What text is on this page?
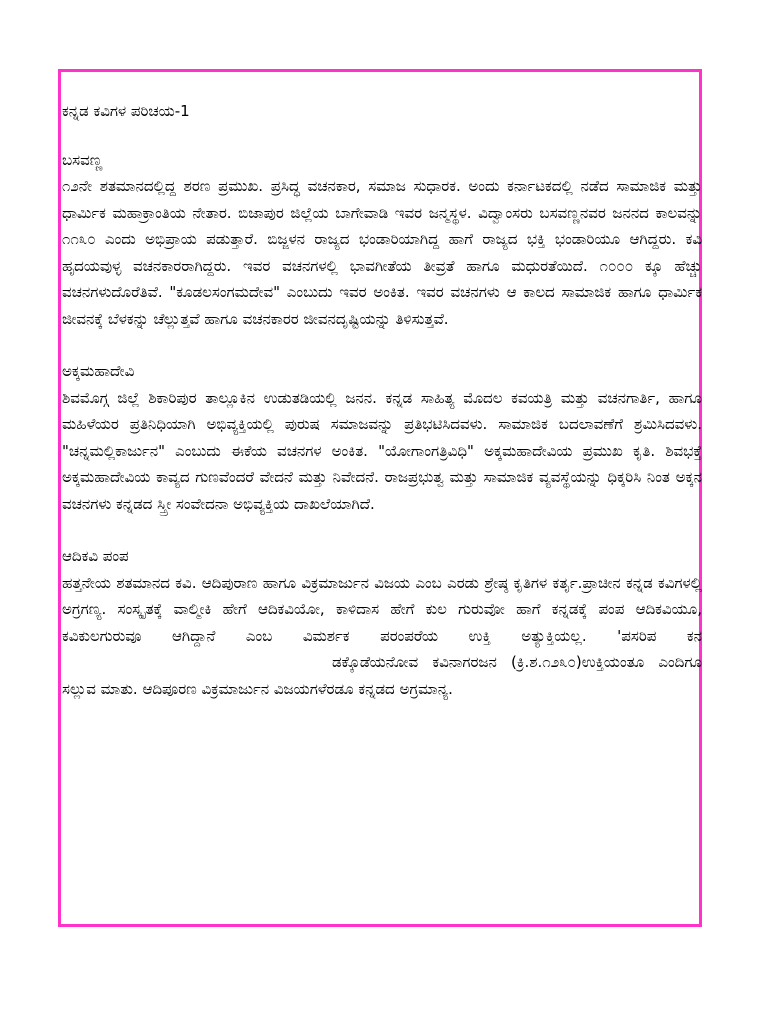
ಕನ್ನಡ ಕವಿಗಳ ಪರಿಚಯ-1

ಬಸವಣ್ಣ

೧೨ನೇ ಶತಮಾನದಲ್ಲಿದ್ದ ಶರಣ ಪ್ರಮುಖ. ಪ್ರಸಿದ್ಧ ವಚನಕಾರ, ಸಮಾಜ ಸುಧಾರಕ. ಅಂದು ಕರ್ನಾಟಕದಲ್ಲಿ ನಡೆದ ಸಾಮಾಜಿಕ ಮತ್ತು ಧಾರ್ಮಿಕ ಮಹಾಕ್ರಾಂತಿಯ ನೇತಾರ. ಬಿಜಾಪುರ ಜಿಲ್ಲೆಯ ಬಾಗೇವಾಡಿ ಇವರ ಜನ್ಮಸ್ಥಳ. ವಿದ್ವಾಂಸರು ಬಸವಣ್ಣನವರ ಜನನದ ಕಾಲವನ್ನು ೧೧೩೦ ಎಂದು ಅಭಿಪ್ರಾಯ ಪಡುತ್ತಾರೆ. ಬಿಜ್ಜಳನ ರಾಜ್ಯದ ಭಂಡಾರಿಯಾಗಿದ್ದ ಹಾಗೆ ರಾಜ್ಯದ ಭಕ್ತಿ ಭಂಡಾರಿಯೂ ಆಗಿದ್ದರು. ಕವಿ ಹೃದಯವುಳ್ಳ ವಚನಕಾರರಾಗಿದ್ದರು. ಇವರ ವಚನಗಳಲ್ಲಿ ಭಾವಗೀತೆಯ ತೀವ್ರತೆ ಹಾಗೂ ಮಧುರತೆಯಿದೆ. ೧೦೦೦ ಕ್ಕೂ ಹೆಚ್ಚು ವಚನಗಳುದೊರೆತಿವೆ. "ಕೂಡಲಸಂಗಮದೇವ" ಎಂಬುದು ಇವರ ಅಂಕಿತ. ಇವರ ವಚನಗಳು ಆ ಕಾಲದ ಸಾಮಾಜಿಕ ಹಾಗೂ ಧಾರ್ಮಿಕ ಜೀವನಕ್ಕೆ ಬೆಳಕನ್ನು ಚೆಲ್ಲುತ್ತವೆ ಹಾಗೂ ವಚನಕಾರರ ಜೀವನದೃಷ್ಟಿಯನ್ನು ತಿಳಿಸುತ್ತವೆ.

ಅಕ್ಕಮಹಾದೇವಿ

ಶಿವಮೊಗ್ಗ ಜಿಲ್ಲೆ ಶಿಕಾರಿಪುರ ತಾಲ್ಲೂಕಿನ ಉಡುತಡಿಯಲ್ಲಿ ಜನನ. ಕನ್ನಡ ಸಾಹಿತ್ಯ ಮೊದಲ ಕವಯತ್ರಿ ಮತ್ತು ವಚನಗಾರ್ತಿ, ಹಾಗೂ ಮಹಿಳೆಯರ ಪ್ರತಿನಿಧಿಯಾಗಿ ಅಭಿವ್ಯಕ್ತಿಯಲ್ಲಿ ಪುರುಷ ಸಮಾಜವನ್ನು ಪ್ರತಿಭಟಿಸಿದವಳು. ಸಾಮಾಜಿಕ ಬದಲಾವಣೆಗೆ ಶ್ರಮಿಸಿದವಳು. "ಚನ್ನಮಲ್ಲಿಕಾರ್ಜುನ" ಎಂಬುದು ಈಕೆಯ ವಚನಗಳ ಅಂಕಿತ. "ಯೋಗಾಂಗತ್ರಿವಿಧಿ" ಅಕ್ಕಮಹಾದೇವಿಯ ಪ್ರಮುಖ ಕೃತಿ. ಶಿವಭಕ್ತೆ ಅಕ್ಕಮಹಾದೇವಿಯ ಕಾವ್ಯದ ಗುಣವೆಂದರೆ ವೇದನೆ ಮತ್ತು ನಿವೇದನೆ. ರಾಜಪ್ರಭುತ್ವ ಮತ್ತು ಸಾಮಾಜಿಕ ವ್ಯವಸ್ಥೆಯನ್ನು ಧಿಕ್ಕರಿಸಿ ನಿಂತ ಅಕ್ಕನ ವಚನಗಳು ಕನ್ನಡದ ಸ್ತ್ರೀ ಸಂವೇದನಾ ಅಭಿವ್ಯಕ್ತಿಯ ದಾಖಲೆಯಾಗಿದೆ.

ಆದಿಕವಿ ಪಂಪ

ಹತ್ತನೇಯ ಶತಮಾನದ ಕವಿ. ಆದಿಪುರಾಣ ಹಾಗೂ ವಿಕ್ರಮಾರ್ಜುನ ವಿಜಯ ಎಂಬ ಎರಡು ಶ್ರೇಷ್ಠ ಕೃತಿಗಳ ಕರ್ತೃ.ಪ್ರಾಚೀನ ಕನ್ನಡ ಕವಿಗಳಲ್ಲಿ ಅಗ್ರಗಣ್ಯ. ಸಂಸ್ಕೃತಕ್ಕೆ ವಾಲ್ಮೀಕಿ ಹೇಗೆ ಆದಿಕವಿಯೋ, ಕಾಳಿದಾಸ ಹೇಗೆ ಕುಲ ಗುರುವೋ ಹಾಗೆ ಕನ್ನಡಕ್ಕೆ ಪಂಪ ಆದಿಕವಿಯೂ, ಕವಿಕುಲಗುರುವೂ ಆಗಿದ್ದಾನೆ ಎಂಬ ವಿಮರ್ಶಕ ಪರಂಪರೆಯ ಉಕ್ತಿ ಅತ್ಯುಕ್ತಿಯಲ್ಲ. 'ಪಸರಿಪ ಕನಡಕ್ಕೊಡೆಯನೋವ ಕವಿನಾಗರಜನ (ಕ್ರಿ.ಶ.೧೨೩೦)ಉಕ್ತಿಯಂತೂ ಎಂದಿಗೂ ಸಲ್ಲುವ ಮಾತು. ಆದಿಪೂರಣ ವಿಕ್ರಮಾರ್ಜುನ ವಿಜಯಗಳೆರಡೂ ಕನ್ನಡದ ಅಗ್ರಮಾನ್ಯ.
